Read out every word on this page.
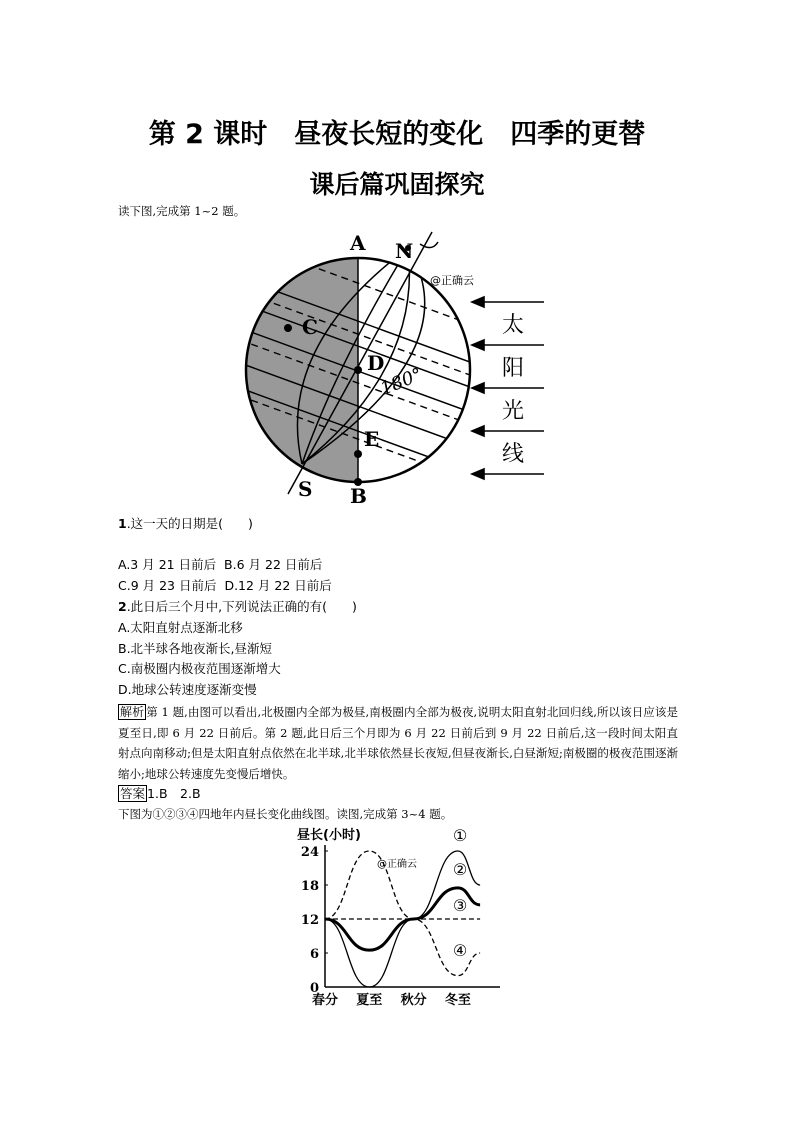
第 2 课时　昼夜长短的变化　四季的更替
课后篇巩固探究
读下图,完成第 1~2 题。
A N
C
D
180°
E
S B
@正确云
太
阳
光
线
1.这一天的日期是(　　)
A.3 月 21 日前后 B.6 月 22 日前后
C.9 月 23 日前后 D.12 月 22 日前后
2.此日后三个月中,下列说法正确的有(　　)
A.太阳直射点逐渐北移
B.北半球各地夜渐长,昼渐短
C.南极圈内极夜范围逐渐增大
D.地球公转速度逐渐变慢
解析 第 1 题,由图可以看出,北极圈内全部为极昼,南极圈内全部为极夜,说明太阳直射北回归线,所以该日应该是夏至日,即 6 月 22 日前后。第 2 题,此日后三个月即为 6 月 22 日前后到 9 月 22 日前后,这一段时间太阳直射点向南移动;但是太阳直射点依然在北半球,北半球依然昼长夜短,但昼夜渐长,白昼渐短;南极圈的极夜范围逐渐缩小;地球公转速度先变慢后增快。
答案 1.B　2.B
下图为①②③④四地年内昼长变化曲线图。读图,完成第 3~4 题。
昼长(小时)
0
6
12
18
24
春分 夏至 秋分 冬至
①
②
③
④
@正确云
